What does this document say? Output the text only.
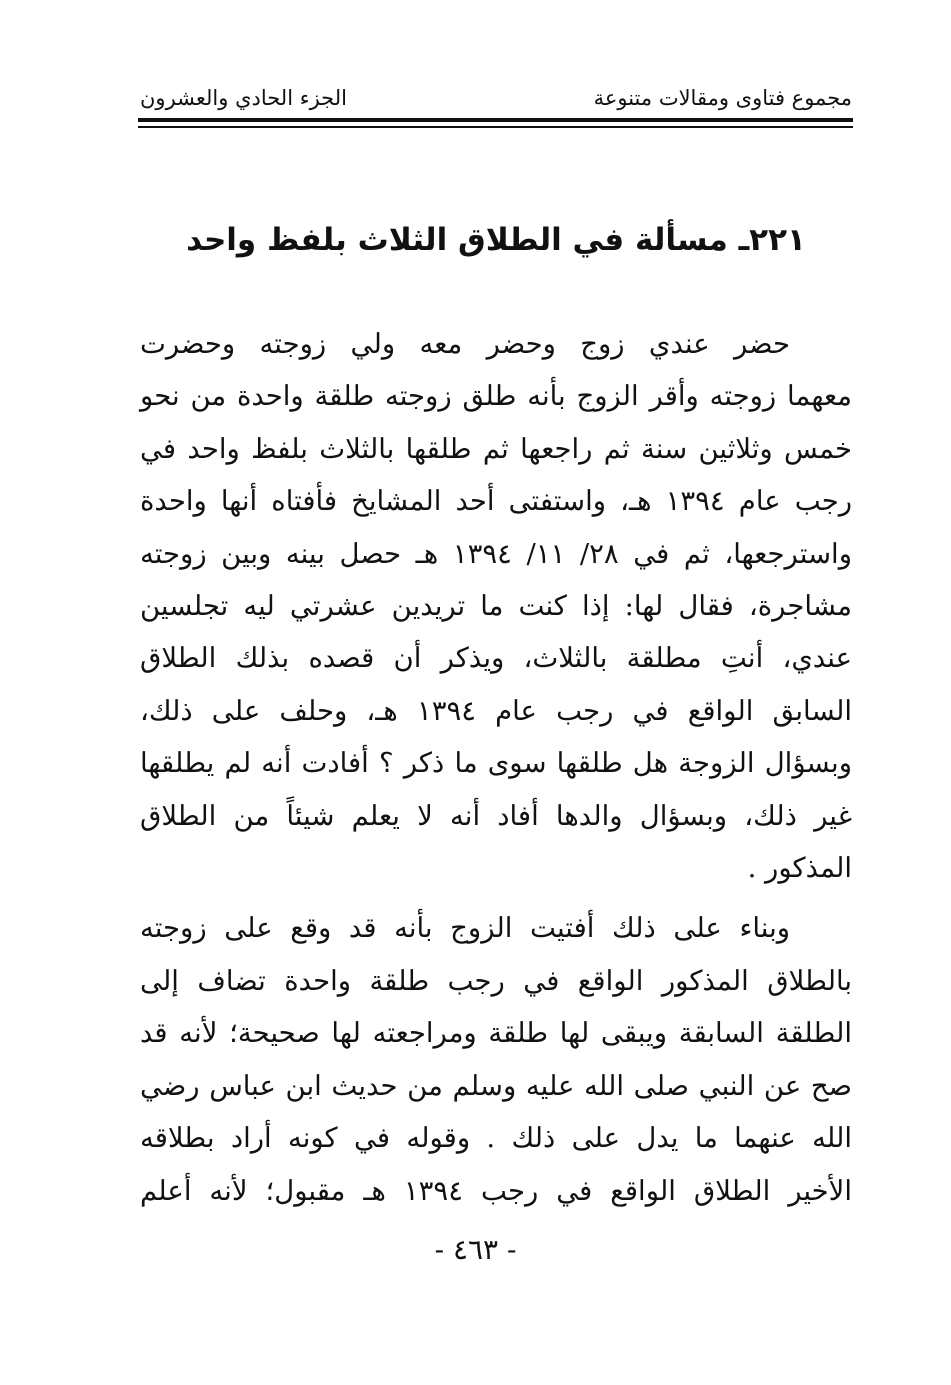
مجموع فتاوى ومقالات متنوعة
الجزء الحادي والعشرون
٢٢١ـ مسألة في الطلاق الثلاث بلفظ واحد

حضر عندي زوج وحضر معه ولي زوجته وحضرت
معهما زوجته وأقر الزوج بأنه طلق زوجته طلقة واحدة من نحو
خمس وثلاثين سنة ثم راجعها ثم طلقها بالثلاث بلفظ واحد في
رجب عام ١٣٩٤ هـ، واستفتى أحد المشايخ فأفتاه أنها واحدة
واسترجعها، ثم في ٢٨/ ١١/ ١٣٩٤ هـ حصل بينه وبين زوجته
مشاجرة، فقال لها: إذا كنت ما تريدين عشرتي ليه تجلسين
عندي، أنتِ مطلقة بالثلاث، ويذكر أن قصده بذلك الطلاق
السابق الواقع في رجب عام ١٣٩٤ هـ، وحلف على ذلك،
وبسؤال الزوجة هل طلقها سوى ما ذكر ؟ أفادت أنه لم يطلقها
غير ذلك، وبسؤال والدها أفاد أنه لا يعلم شيئاً من الطلاق
المذكور .

وبناء على ذلك أفتيت الزوج بأنه قد وقع على زوجته
بالطلاق المذكور الواقع في رجب طلقة واحدة تضاف إلى
الطلقة السابقة ويبقى لها طلقة ومراجعته لها صحيحة؛ لأنه قد
صح عن النبي صلى الله عليه وسلم من حديث ابن عباس رضي
الله عنهما ما يدل على ذلك . وقوله في كونه أراد بطلاقه
الأخير الطلاق الواقع في رجب ١٣٩٤ هـ مقبول؛ لأنه أعلم

- ٤٦٣ -
